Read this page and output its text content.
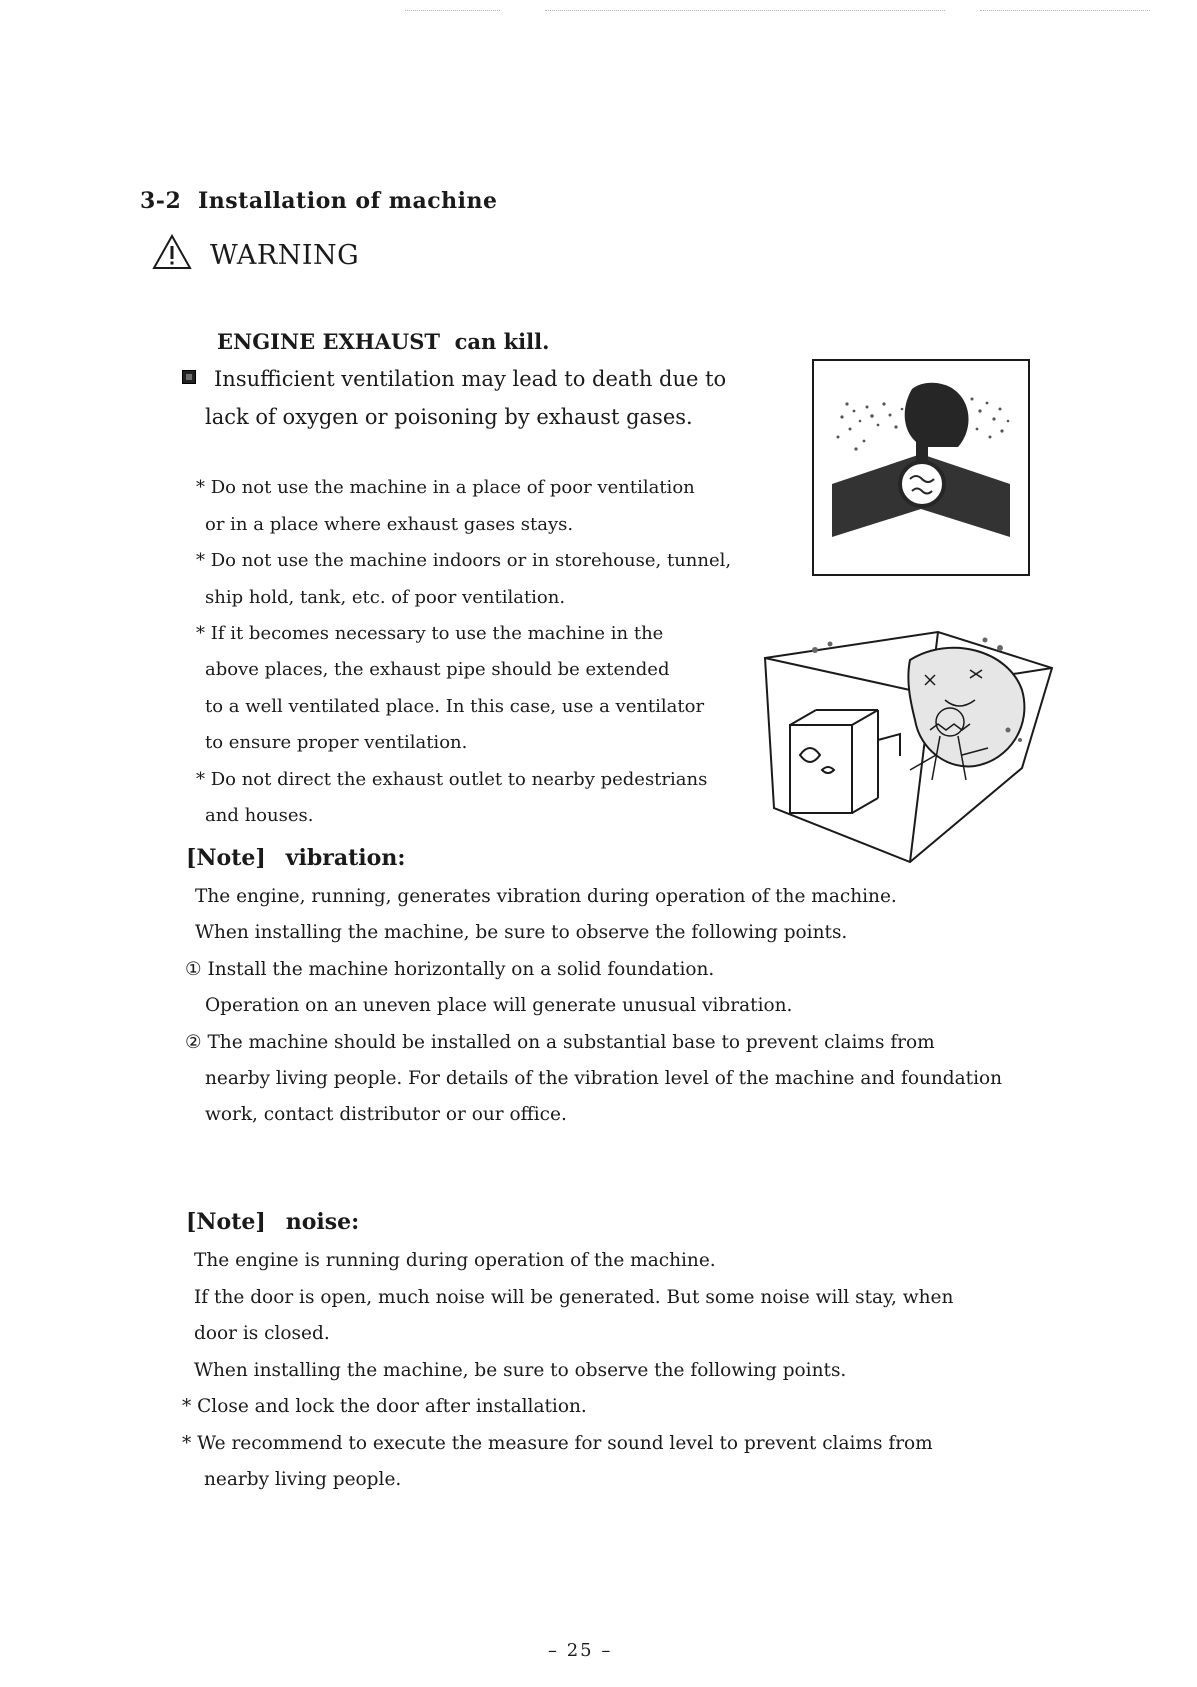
3-2 Installation of machine
WARNING
ENGINE EXHAUST can kill.
Insufficient ventilation may lead to death due to
lack of oxygen or poisoning by exhaust gases.
* Do not use the machine in a place of poor ventilation
or in a place where exhaust gases stays.
* Do not use the machine indoors or in storehouse, tunnel,
ship hold, tank, etc. of poor ventilation.
* If it becomes necessary to use the machine in the
above places, the exhaust pipe should be extended
to a well ventilated place. In this case, use a ventilator
to ensure proper ventilation.
* Do not direct the exhaust outlet to nearby pedestrians
and houses.
[Note] vibration:
The engine, running, generates vibration during operation of the machine.
When installing the machine, be sure to observe the following points.
① Install the machine horizontally on a solid foundation.
Operation on an uneven place will generate unusual vibration.
② The machine should be installed on a substantial base to prevent claims from
nearby living people. For details of the vibration level of the machine and foundation
work, contact distributor or our office.
[Note] noise:
The engine is running during operation of the machine.
If the door is open, much noise will be generated. But some noise will stay, when
door is closed.
When installing the machine, be sure to observe the following points.
* Close and lock the door after installation.
* We recommend to execute the measure for sound level to prevent claims from
nearby living people.
– 25 –
